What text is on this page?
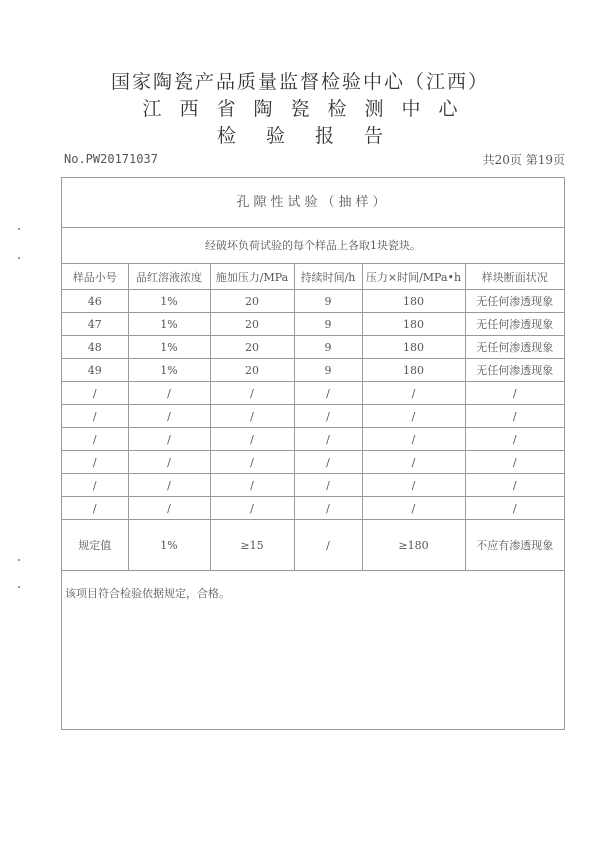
国家陶瓷产品质量监督检验中心（江西）
江西省陶瓷检测中心
检验报告
No.PW20171037	共20页 第19页
孔隙性试验（抽样）
经破坏负荷试验的每个样品上各取1块瓷块。
样品小号	品红溶液浓度	施加压力/MPa	持续时间/h	压力×时间/MPa•h	样块断面状况
46	1%	20	9	180	无任何渗透现象
47	1%	20	9	180	无任何渗透现象
48	1%	20	9	180	无任何渗透现象
49	1%	20	9	180	无任何渗透现象
/	/	/	/	/	/
/	/	/	/	/	/
/	/	/	/	/	/
/	/	/	/	/	/
/	/	/	/	/	/
/	/	/	/	/	/
规定值	1%	≥15	/	≥180	不应有渗透现象
该项目符合检验依据规定，合格。
